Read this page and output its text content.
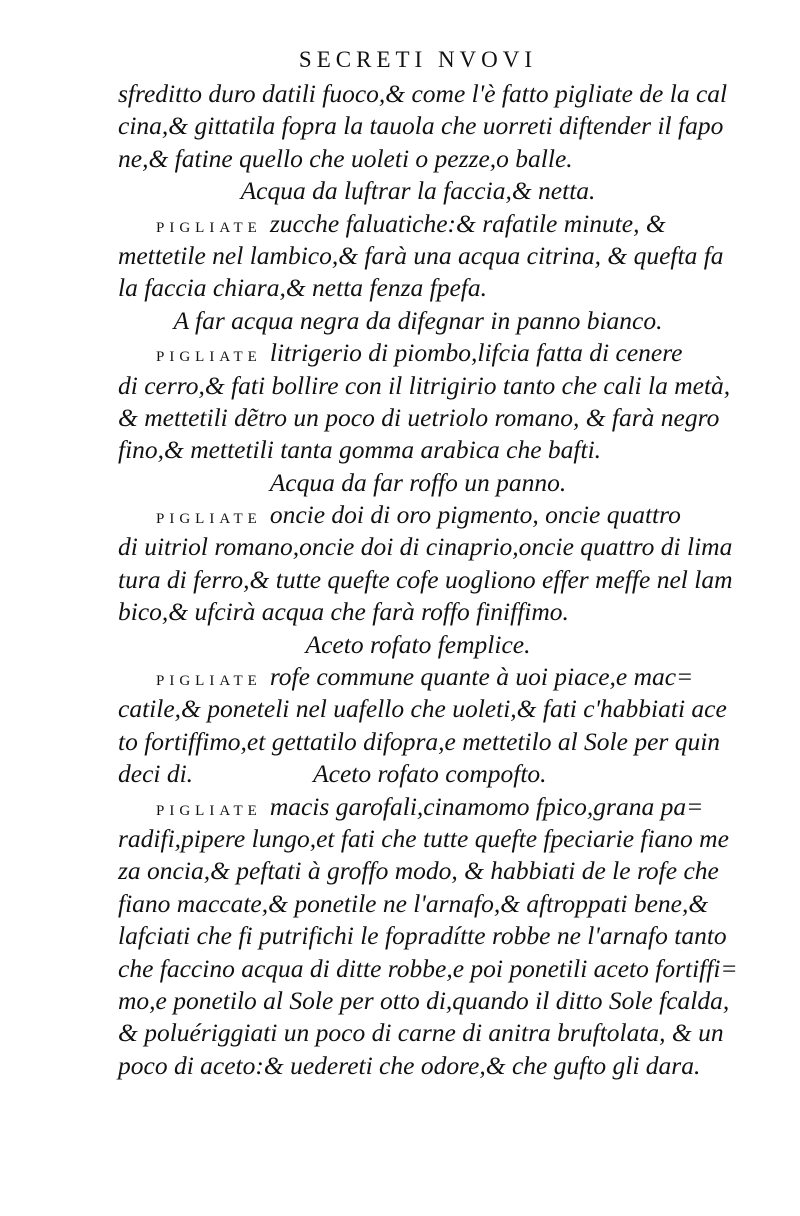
SECRETI NVOVI
sfreditto duro datili fuoco,& come l'è fatto pigliate de la cal
cina,& gittatila fopra la tauola che uorreti diftender il fapo
ne,& fatine quello che uoleti o pezze,o balle.
Acqua da luftrar la faccia,& netta.
PIGLIATE zucche faluatiche:& rafatile minute, &
mettetile nel lambico,& farà una acqua citrina, & quefta fa
la faccia chiara,& netta fenza fpefa.
A far acqua negra da difegnar in panno bianco.
PIGLIATE litrigerio di piombo,lifcia fatta di cenere
di cerro,& fati bollire con il litrigirio tanto che cali la metà,
& mettetili dẽtro un poco di uetriolo romano, & farà negro
fino,& mettetili tanta gomma arabica che bafti.
Acqua da far roffo un panno.
PIGLIATE oncie doi di oro pigmento, oncie quattro
di uitriol romano,oncie doi di cinaprio,oncie quattro di lima
tura di ferro,& tutte quefte cofe uogliono effer meffe nel lam
bico,& ufcirà acqua che farà roffo finiffimo.
Aceto rofato femplice.
PIGLIATE rofe commune quante à uoi piace,e mac=
catile,& poneteli nel uafello che uoleti,& fati c'habbiati ace
to fortiffimo,et gettatilo difopra,e mettetilo al Sole per quin
deci di.	Aceto rofato compofto.
PIGLIATE macis garofali,cinamomo fpico,grana pa=
radifi,pipere lungo,et fati che tutte quefte fpeciarie fiano me
za oncia,& peftati à groffo modo, & habbiati de le rofe che
fiano maccate,& ponetile ne l'arnafo,& aftroppati bene,&
lafciati che fi putrifichi le fopradítte robbe ne l'arnafo tanto
che faccino acqua di ditte robbe,e poi ponetili aceto fortiffi=
mo,e ponetilo al Sole per otto di,quando il ditto Sole fcalda,
& poluériggiati un poco di carne di anitra bruftolata, & un
poco di aceto:& uedereti che odore,& che gufto gli dara.
